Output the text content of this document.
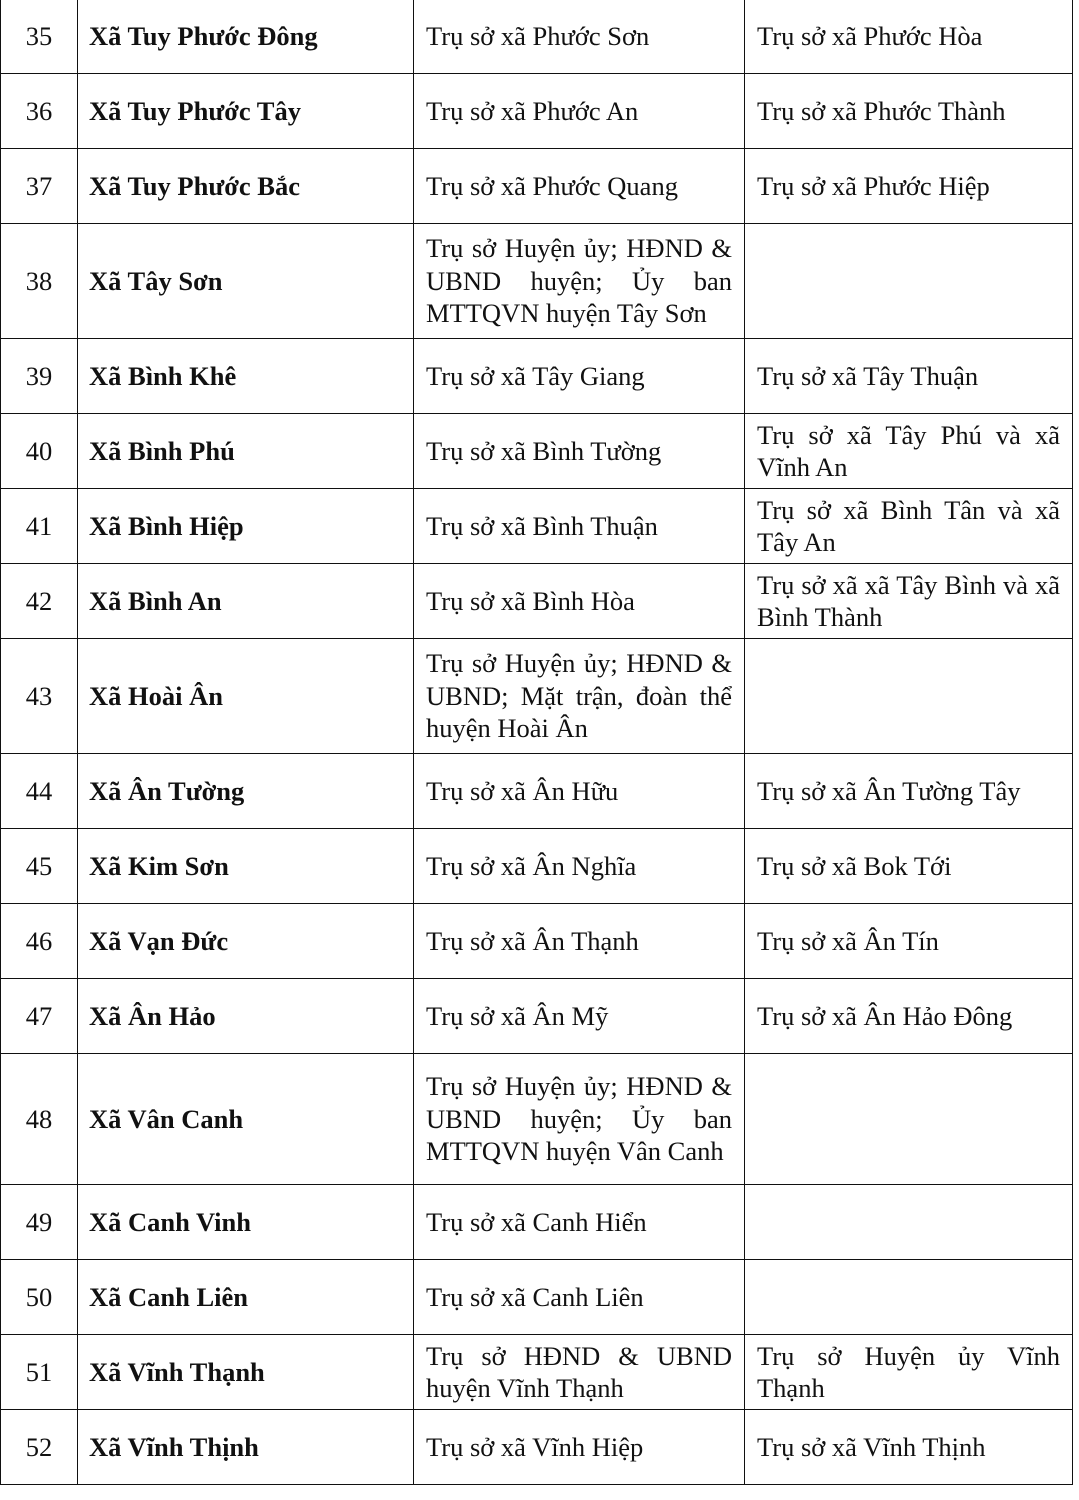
35	Xã Tuy Phước Đông	Trụ sở xã Phước Sơn	Trụ sở xã Phước Hòa
36	Xã Tuy Phước Tây	Trụ sở xã Phước An	Trụ sở xã Phước Thành
37	Xã Tuy Phước Bắc	Trụ sở xã Phước Quang	Trụ sở xã Phước Hiệp
38	Xã Tây Sơn	Trụ sở Huyện ủy; HĐND & UBND huyện; Ủy ban MTTQVN huyện Tây Sơn	
39	Xã Bình Khê	Trụ sở xã Tây Giang	Trụ sở xã Tây Thuận
40	Xã Bình Phú	Trụ sở xã Bình Tường	Trụ sở xã Tây Phú và xã Vĩnh An
41	Xã Bình Hiệp	Trụ sở xã Bình Thuận	Trụ sở xã Bình Tân và xã Tây An
42	Xã Bình An	Trụ sở xã Bình Hòa	Trụ sở xã xã Tây Bình và xã Bình Thành
43	Xã Hoài Ân	Trụ sở Huyện ủy; HĐND & UBND; Mặt trận, đoàn thể huyện Hoài Ân	
44	Xã Ân Tường	Trụ sở xã Ân Hữu	Trụ sở xã Ân Tường Tây
45	Xã Kim Sơn	Trụ sở xã Ân Nghĩa	Trụ sở xã Bok Tới
46	Xã Vạn Đức	Trụ sở xã Ân Thạnh	Trụ sở xã Ân Tín
47	Xã Ân Hảo	Trụ sở xã Ân Mỹ	Trụ sở xã Ân Hảo Đông
48	Xã Vân Canh	Trụ sở Huyện ủy; HĐND & UBND huyện; Ủy ban MTTQVN huyện Vân Canh	
49	Xã Canh Vinh	Trụ sở xã Canh Hiển	
50	Xã Canh Liên	Trụ sở xã Canh Liên	
51	Xã Vĩnh Thạnh	Trụ sở HĐND & UBND huyện Vĩnh Thạnh	Trụ sở Huyện ủy Vĩnh Thạnh
52	Xã Vĩnh Thịnh	Trụ sở xã Vĩnh Hiệp	Trụ sở xã Vĩnh Thịnh
